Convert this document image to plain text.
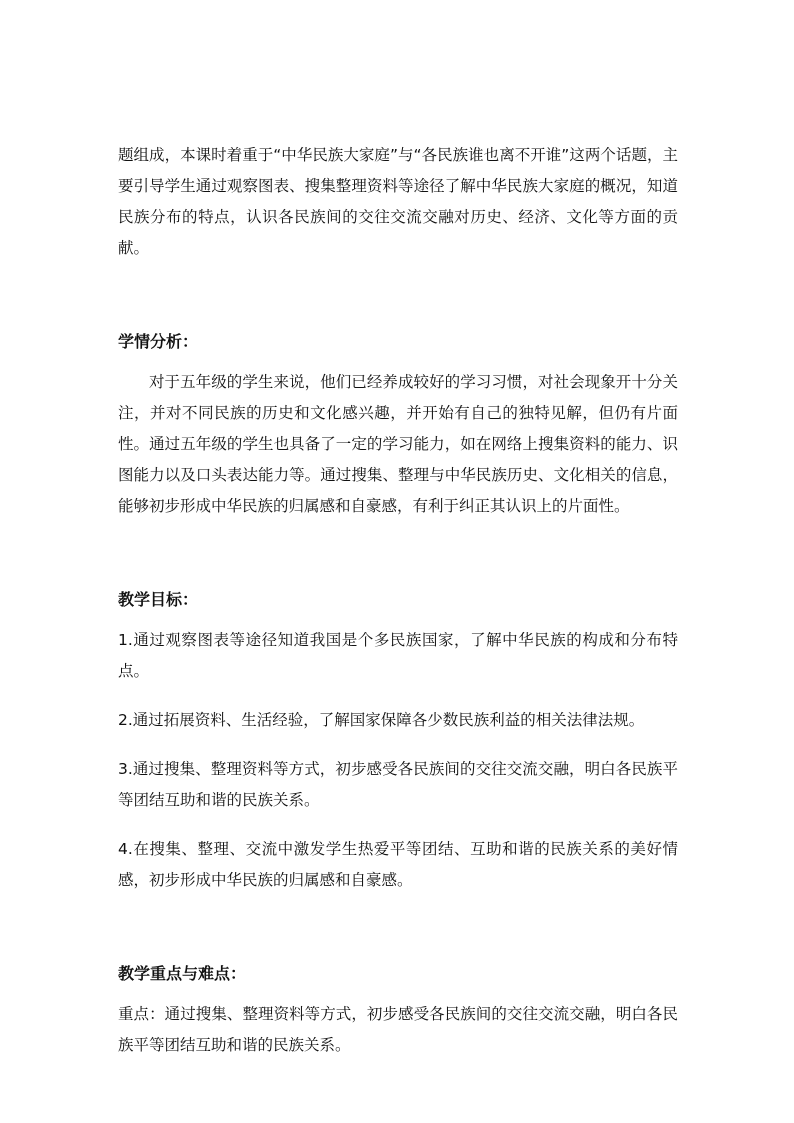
题组成，本课时着重于“中华民族大家庭”与“各民族谁也离不开谁”这两个话题，主要引导学生通过观察图表、搜集整理资料等途径了解中华民族大家庭的概况，知道民族分布的特点，认识各民族间的交往交流交融对历史、经济、文化等方面的贡献。

学情分析：

对于五年级的学生来说，他们已经养成较好的学习习惯，对社会现象开十分关注，并对不同民族的历史和文化感兴趣，并开始有自己的独特见解，但仍有片面性。通过五年级的学生也具备了一定的学习能力，如在网络上搜集资料的能力、识图能力以及口头表达能力等。通过搜集、整理与中华民族历史、文化相关的信息，能够初步形成中华民族的归属感和自豪感，有利于纠正其认识上的片面性。

教学目标：

1.通过观察图表等途径知道我国是个多民族国家，了解中华民族的构成和分布特点。

2.通过拓展资料、生活经验，了解国家保障各少数民族利益的相关法律法规。

3.通过搜集、整理资料等方式，初步感受各民族间的交往交流交融，明白各民族平等团结互助和谐的民族关系。

4.在搜集、整理、交流中激发学生热爱平等团结、互助和谐的民族关系的美好情感，初步形成中华民族的归属感和自豪感。

教学重点与难点：

重点：通过搜集、整理资料等方式，初步感受各民族间的交往交流交融，明白各民族平等团结互助和谐的民族关系。
